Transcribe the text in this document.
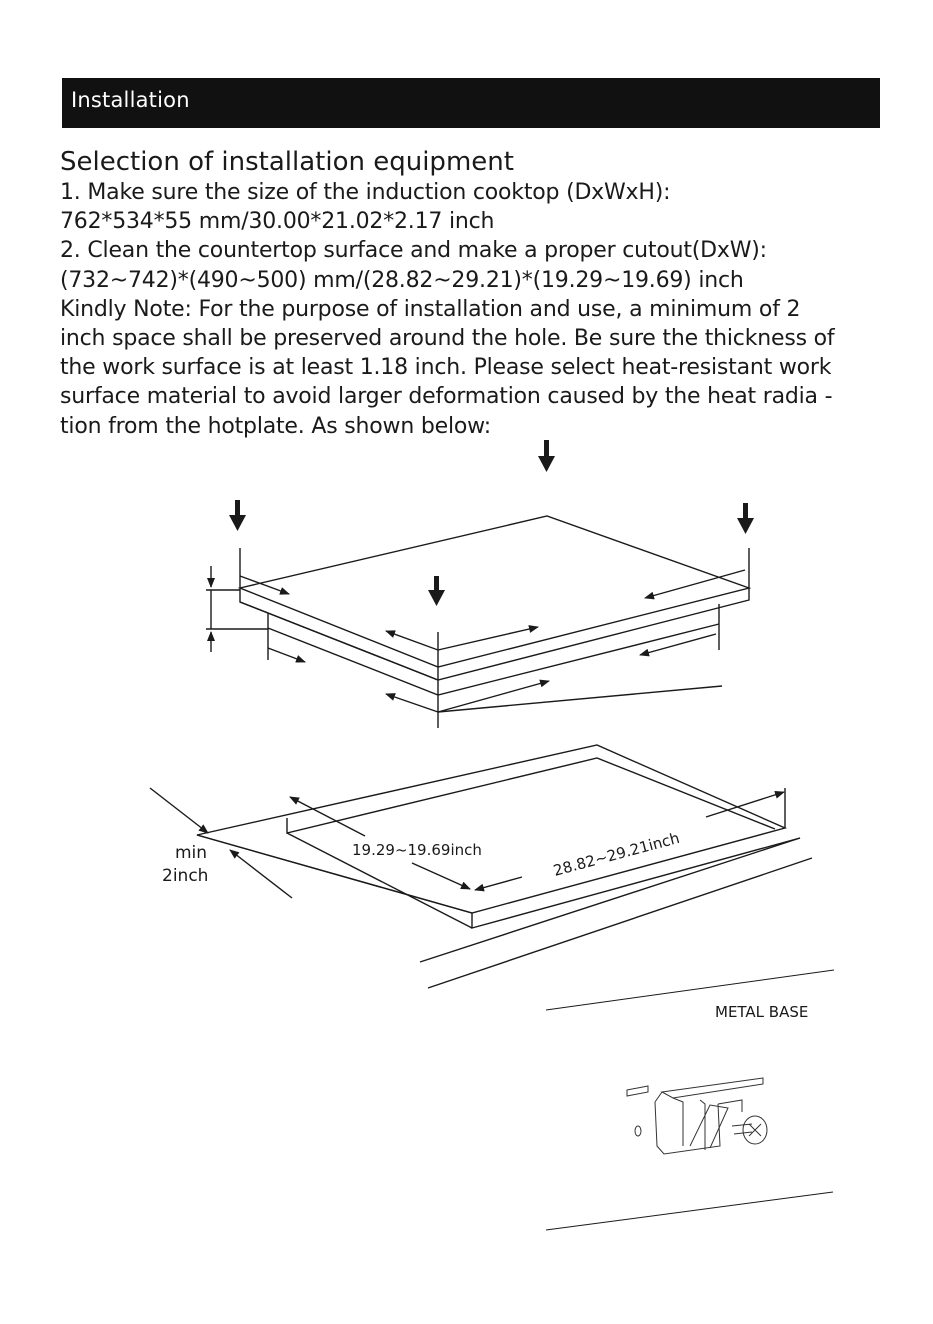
Installation
Selection of installation equipment

1. Make sure the size of the induction cooktop (DxWxH):

762*534*55 mm/30.00*21.02*2.17 inch

2. Clean the countertop surface and make a proper cutout(DxW):

(732~742)*(490~500) mm/(28.82~29.21)*(19.29~19.69) inch

Kindly Note: For the purpose of installation and use, a minimum of 2

inch space shall be preserved around the hole. Be sure the thickness of

the work surface is at least 1.18 inch. Please select heat-resistant work

surface material to avoid larger deformation caused by the heat radia -

tion from the hotplate. As shown below:

min
2inch
19.29~19.69inch	28.82~29.21inch
METAL BASE
